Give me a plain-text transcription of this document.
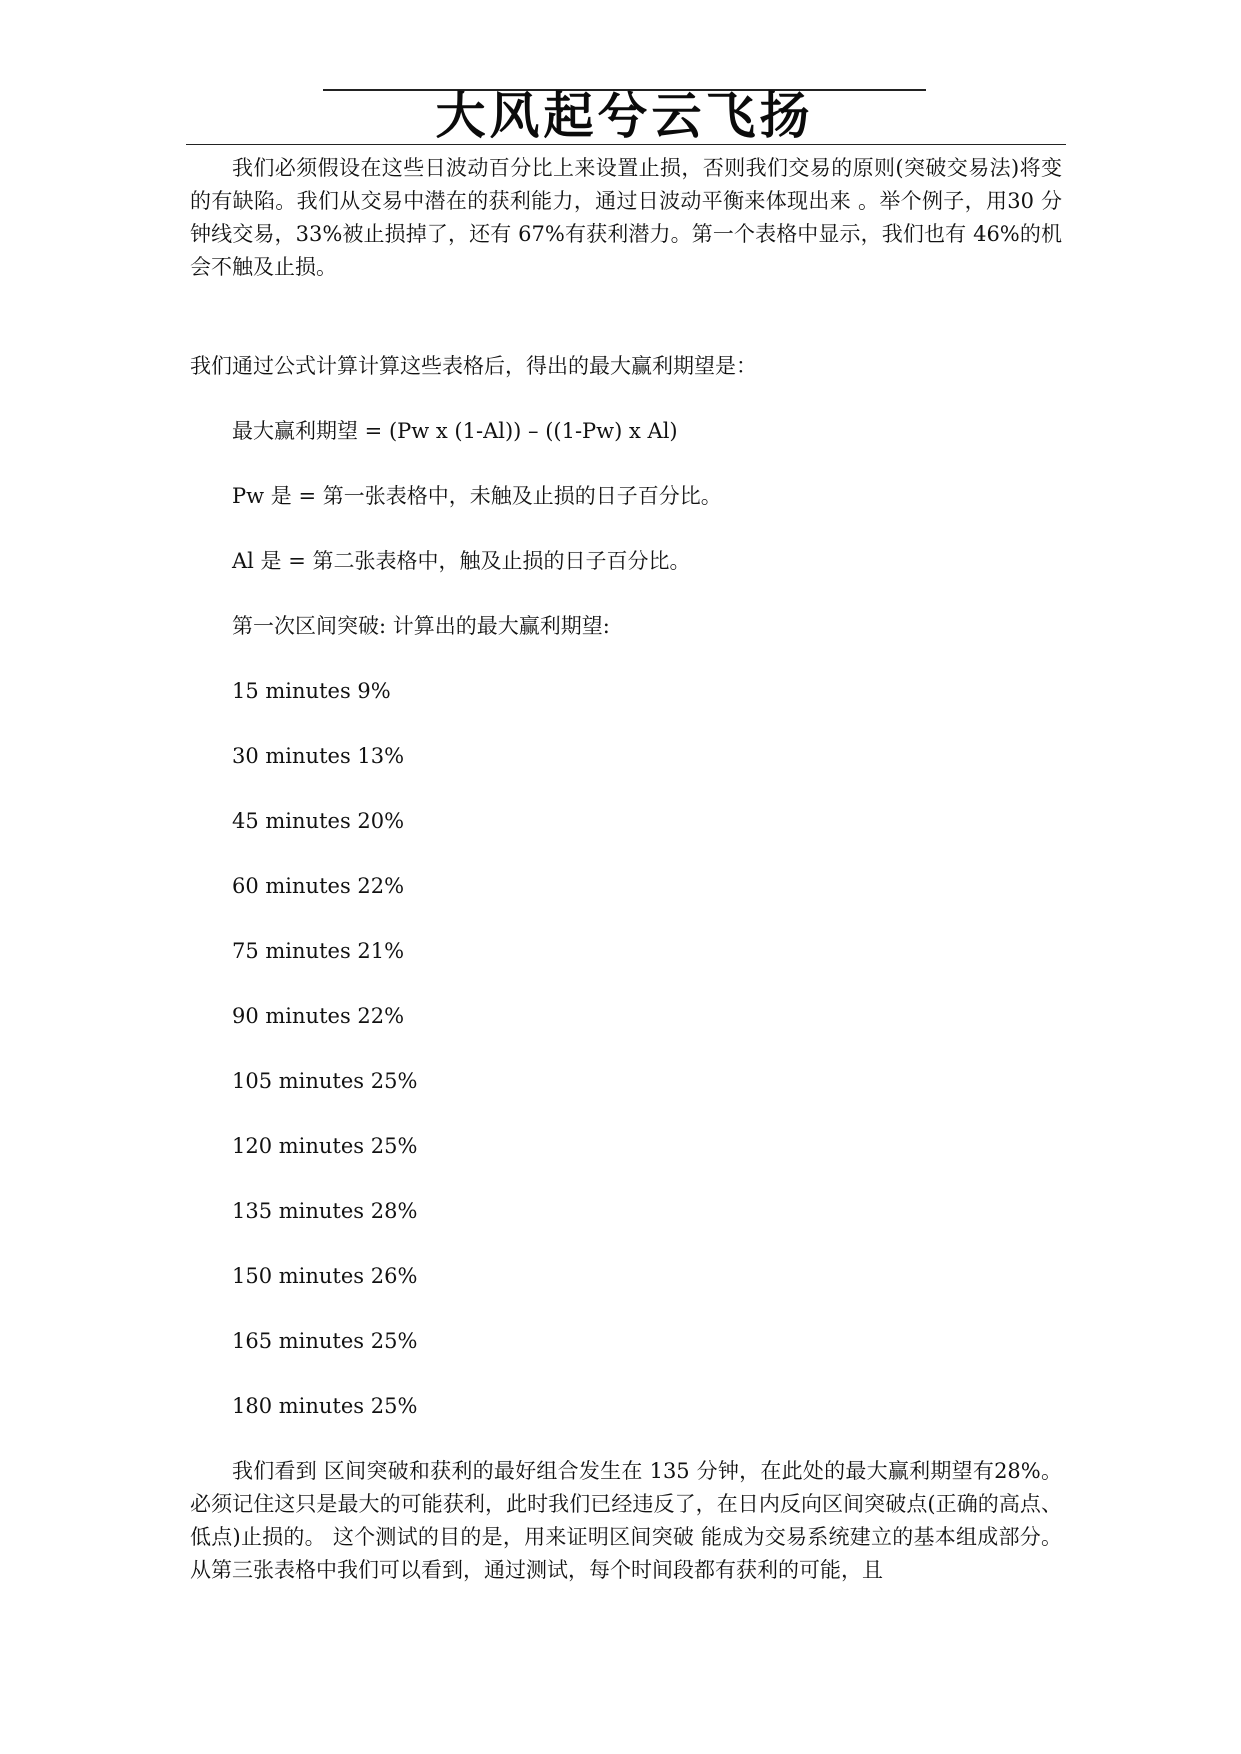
大风起兮云飞扬

我们必须假设在这些日波动百分比上来设置止损，否则我们交易的原则(突破交易法)将变的有缺陷。我们从交易中潜在的获利能力，通过日波动平衡来体现出来 。举个例子，用30 分钟线交易，33%被止损掉了，还有 67%有获利潜力。第一个表格中显示，我们也有 46%的机会不触及止损。

我们通过公式计算计算这些表格后，得出的最大赢利期望是：

最大赢利期望 = (Pw x (1-Al)) – ((1-Pw) x Al)

Pw 是 = 第一张表格中，未触及止损的日子百分比。

Al 是 = 第二张表格中，触及止损的日子百分比。

第一次区间突破: 计算出的最大赢利期望:

15 minutes 9%

30 minutes 13%

45 minutes 20%

60 minutes 22%

75 minutes 21%

90 minutes 22%

105 minutes 25%

120 minutes 25%

135 minutes 28%

150 minutes 26%

165 minutes 25%

180 minutes 25%

我们看到 区间突破和获利的最好组合发生在 135 分钟，在此处的最大赢利期望有28%。必须记住这只是最大的可能获利，此时我们已经违反了，在日内反向区间突破点(正确的高点、低点)止损的。 这个测试的目的是，用来证明区间突破 能成为交易系统建立的基本组成部分。从第三张表格中我们可以看到，通过测试，每个时间段都有获利的可能，且
